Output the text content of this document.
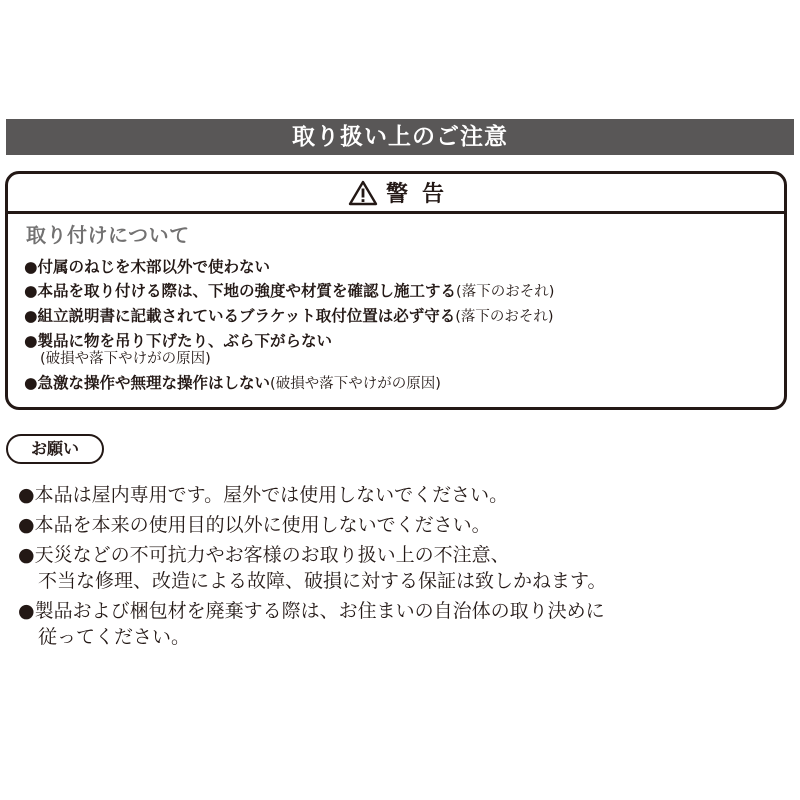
取り扱い上のご注意
警告
取り付けについて
●付属のねじを木部以外で使わない
●本品を取り付ける際は、下地の強度や材質を確認し施工する(落下のおそれ)
●組立説明書に記載されているブラケット取付位置は必ず守る(落下のおそれ)
●製品に物を吊り下げたり、ぶら下がらない
(破損や落下やけがの原因)
●急激な操作や無理な操作はしない(破損や落下やけがの原因)
お願い
●本品は屋内専用です。屋外では使用しないでください。
●本品を本来の使用目的以外に使用しないでください。
●天災などの不可抗力やお客様のお取り扱い上の不注意、
不当な修理、改造による故障、破損に対する保証は致しかねます。
●製品および梱包材を廃棄する際は、お住まいの自治体の取り決めに
従ってください。
